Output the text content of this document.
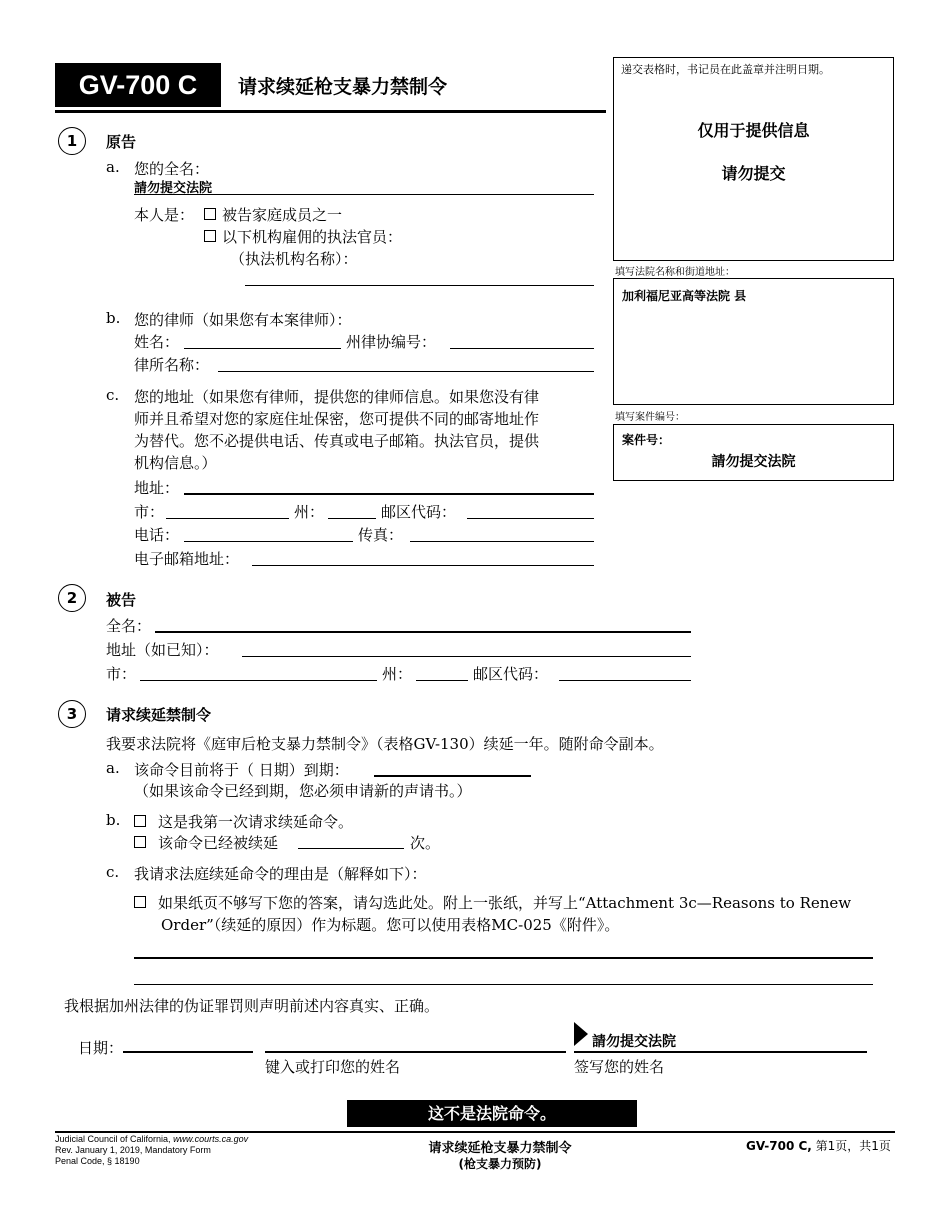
GV-700 C	请求续延枪支暴力禁制令
递交表格时，书记员在此盖章并注明日期。
仅用于提供信息
请勿提交
填写法院名称和街道地址：
加利福尼亚高等法院 县
填写案件编号：
案件号：
請勿提交法院
1	原告
a. 您的全名：
請勿提交法院
本人是：	被告家庭成员之一
以下机构雇佣的执法官员：
（执法机构名称）：
b. 您的律师（如果您有本案律师）：
姓名：	州律协编号：
律所名称：
c. 您的地址（如果您有律师，提供您的律师信息。如果您没有律
师并且希望对您的家庭住址保密，您可提供不同的邮寄地址作
为替代。您不必提供电话、传真或电子邮箱。执法官员，提供
机构信息。）
地址：
市：	州：	邮区代码：
电话：	传真：
电子邮箱地址：
2	被告
全名：
地址（如已知）：
市：	州：	邮区代码：
3	请求续延禁制令
我要求法院将《庭审后枪支暴力禁制令》（表格GV-130）续延一年。随附命令副本。
a. 该命令目前将于（ 日期）到期：
（如果该命令已经到期，您必须申请新的声请书。）
b.	这是我第一次请求续延命令。
该命令已经被续延	次。
c. 我请求法庭续延命令的理由是（解释如下）：
如果纸页不够写下您的答案，请勾选此处。附上一张纸，并写上“Attachment 3c—Reasons to Renew
Order”（续延的原因）作为标题。您可以使用表格MC-025《附件》。
我根据加州法律的伪证罪罚则声明前述内容真实、正确。
日期：
键入或打印您的姓名
請勿提交法院
签写您的姓名
这不是法院命令。
Judicial Council of California, www.courts.ca.gov
Rev. January 1, 2019, Mandatory Form
Penal Code, § 18190
请求续延枪支暴力禁制令
(枪支暴力预防)
GV-700 C, 第1页，共1页
